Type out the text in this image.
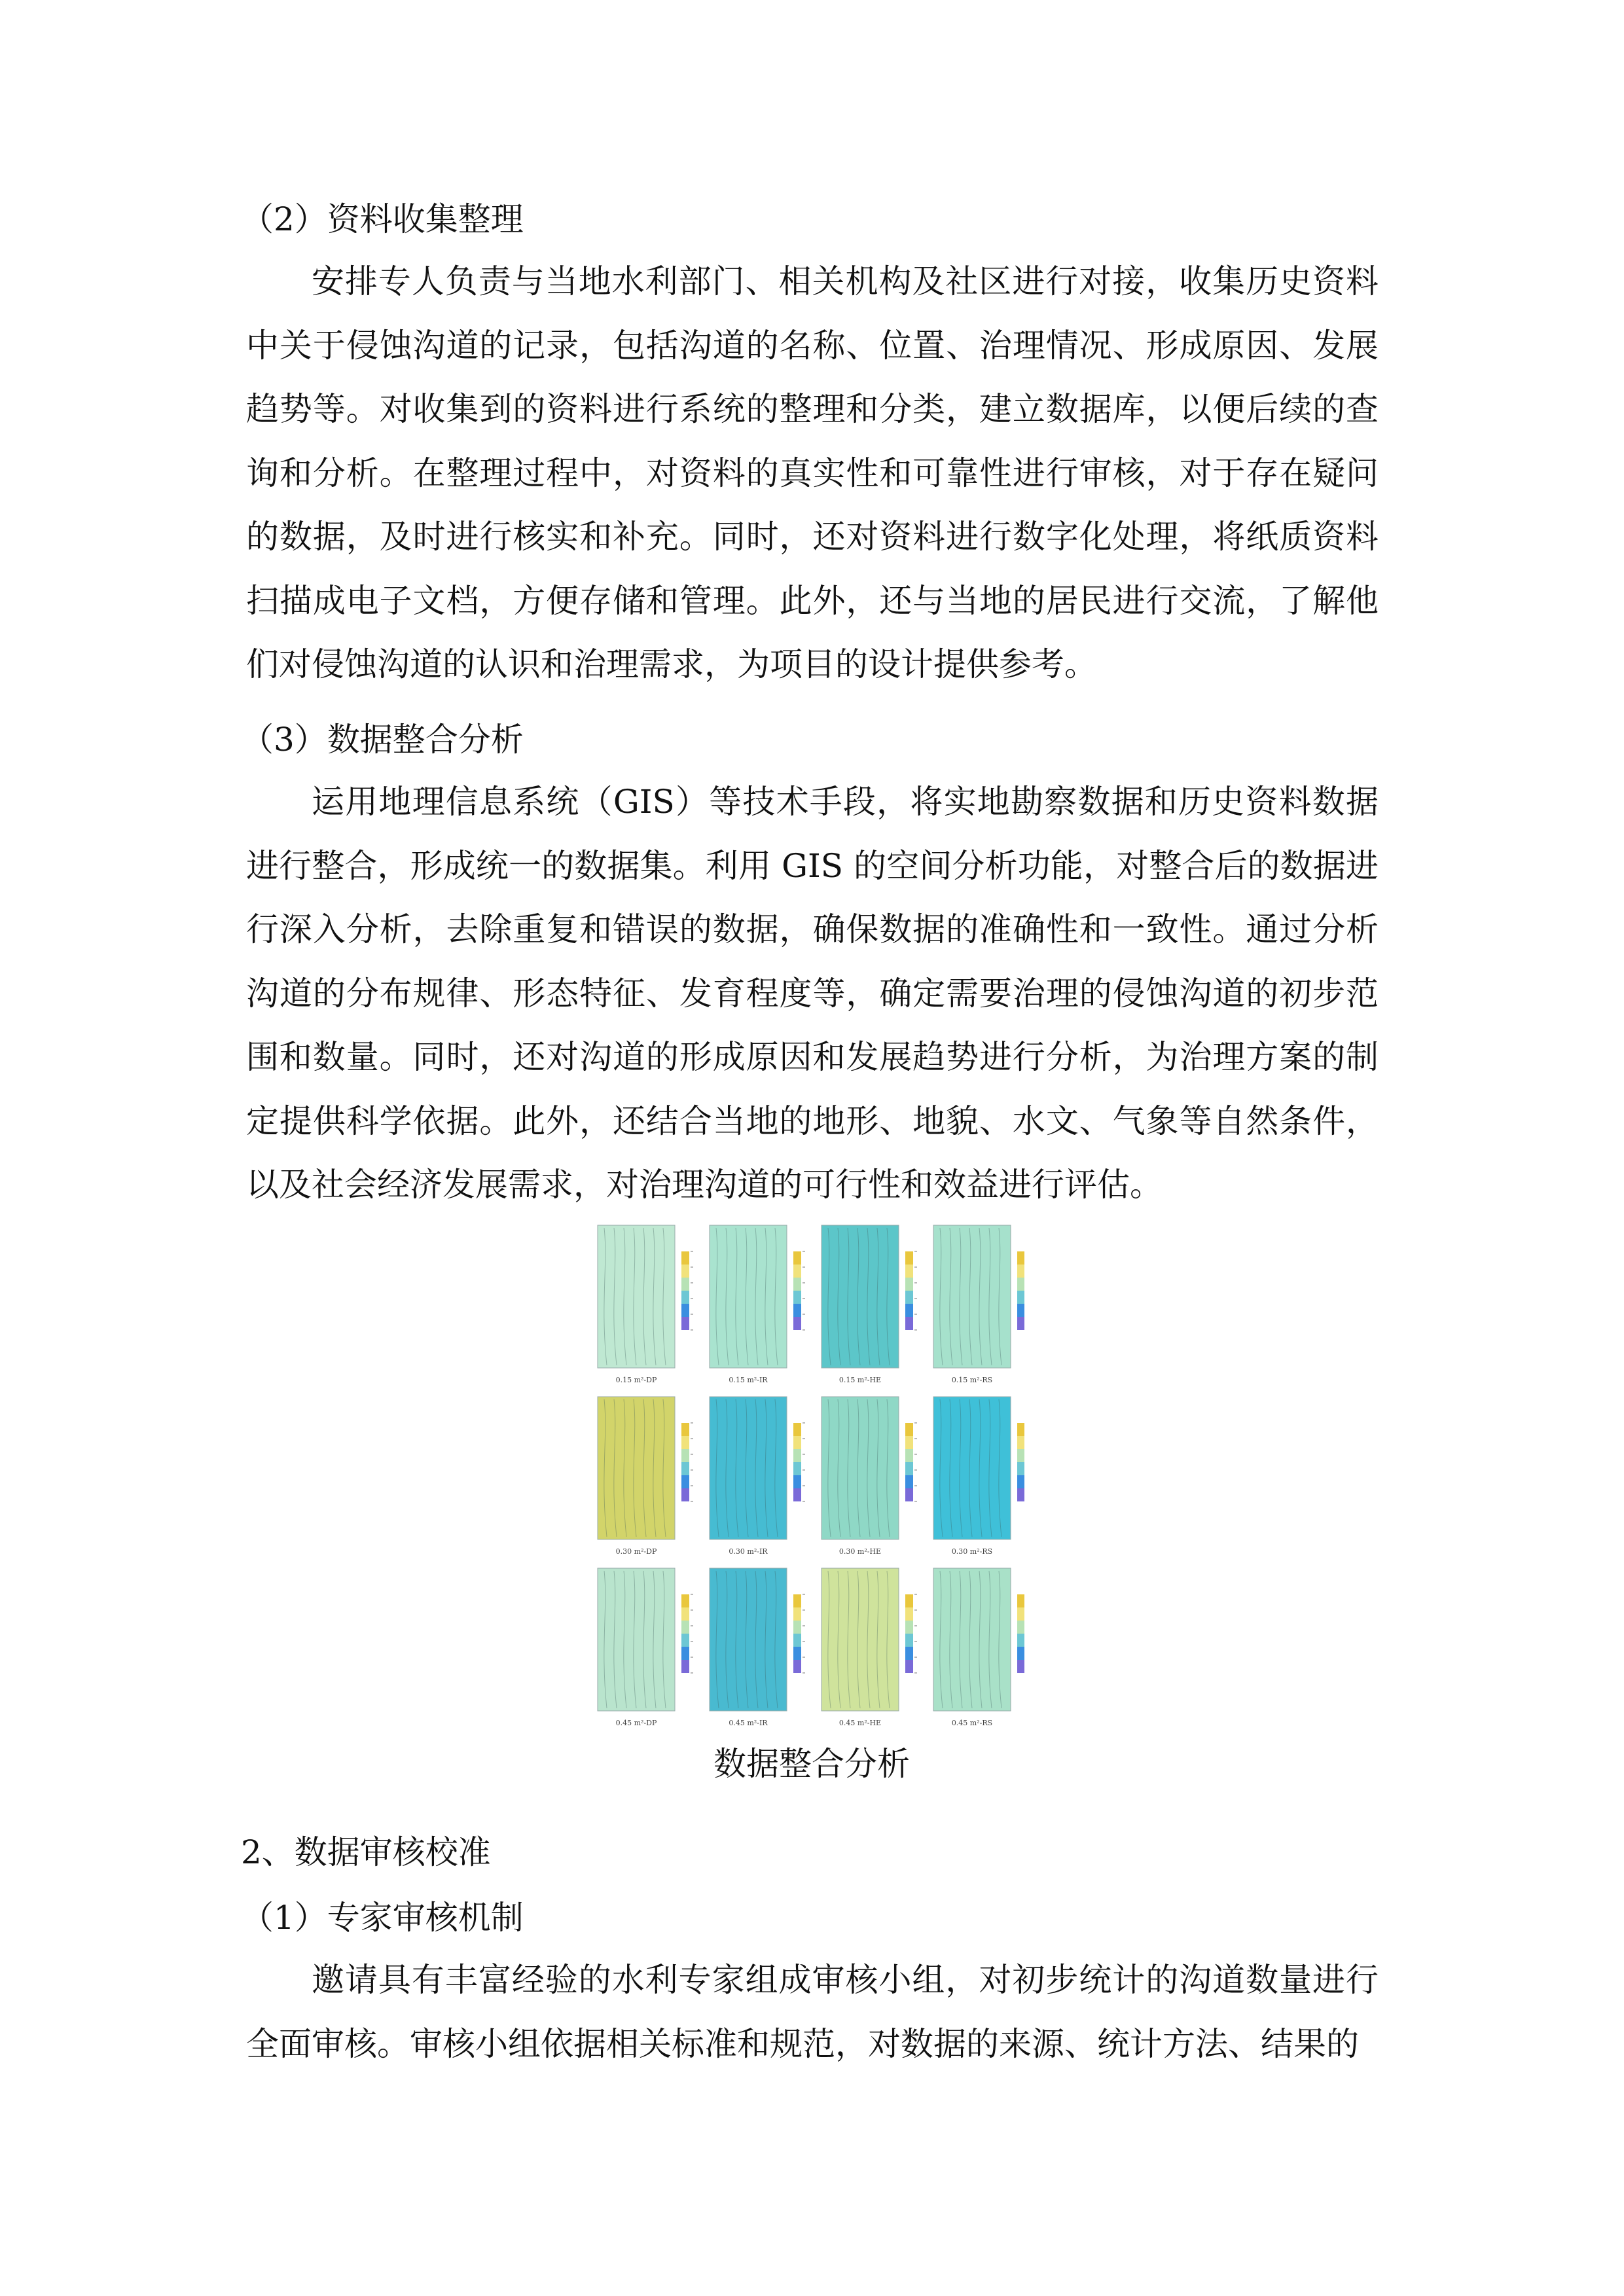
（2）资料收集整理

安排专人负责与当地水利部门、相关机构及社区进行对接，收集历史资料中关于侵蚀沟道的记录，包括沟道的名称、位置、治理情况、形成原因、发展趋势等。对收集到的资料进行系统的整理和分类，建立数据库，以便后续的查询和分析。在整理过程中，对资料的真实性和可靠性进行审核，对于存在疑问的数据，及时进行核实和补充。同时，还对资料进行数字化处理，将纸质资料扫描成电子文档，方便存储和管理。此外，还与当地的居民进行交流，了解他们对侵蚀沟道的认识和治理需求，为项目的设计提供参考。

（3）数据整合分析

运用地理信息系统（GIS）等技术手段，将实地勘察数据和历史资料数据进行整合，形成统一的数据集。利用 GIS 的空间分析功能，对整合后的数据进行深入分析，去除重复和错误的数据，确保数据的准确性和一致性。通过分析沟道的分布规律、形态特征、发育程度等，确定需要治理的侵蚀沟道的初步范围和数量。同时，还对沟道的形成原因和发展趋势进行分析，为治理方案的制定提供科学依据。此外，还结合当地的地形、地貌、水文、气象等自然条件，以及社会经济发展需求，对治理沟道的可行性和效益进行评估。

0.15 m²-DP	0.15 m²-IR	0.15 m²-HE	0.15 m²-RS
0.30 m²-DP	0.30 m²-IR	0.30 m²-HE	0.30 m²-RS
0.45 m²-DP	0.45 m²-IR	0.45 m²-HE	0.45 m²-RS
数据整合分析
2、数据审核校准
（1）专家审核机制

邀请具有丰富经验的水利专家组成审核小组，对初步统计的沟道数量进行全面审核。审核小组依据相关标准和规范，对数据的来源、统计方法、结果的
